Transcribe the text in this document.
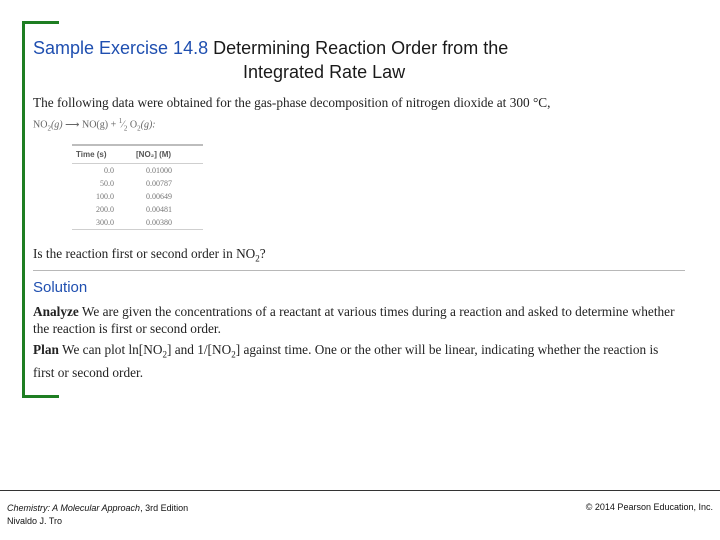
Sample Exercise 14.8 Determining Reaction Order from the
Integrated Rate Law
The following data were obtained for the gas-phase decomposition of nitrogen dioxide at 300 °C,
$NO_2(g)$ ⟶ $NO(g) + ^1⁄_2$ $O_2(g)$:
Time (s)	[NO₂] (M)
0.0	0.01000
50.0	0.00787
100.0	0.00649
200.0	0.00481
300.0	0.00380
Is the reaction first or second order in $NO_2$?
Solution
Analyze We are given the concentrations of a reactant at various times during a reaction and asked to determine whether the reaction is first or second order.
Plan We can plot $\ln[NO_2]$ and $1/[NO_2]$ against time. One or the other will be linear, indicating whether the reaction is first or second order.
Chemistry: A Molecular Approach, 3rd Edition
Nivaldo J. Tro
© 2014 Pearson Education, Inc.
